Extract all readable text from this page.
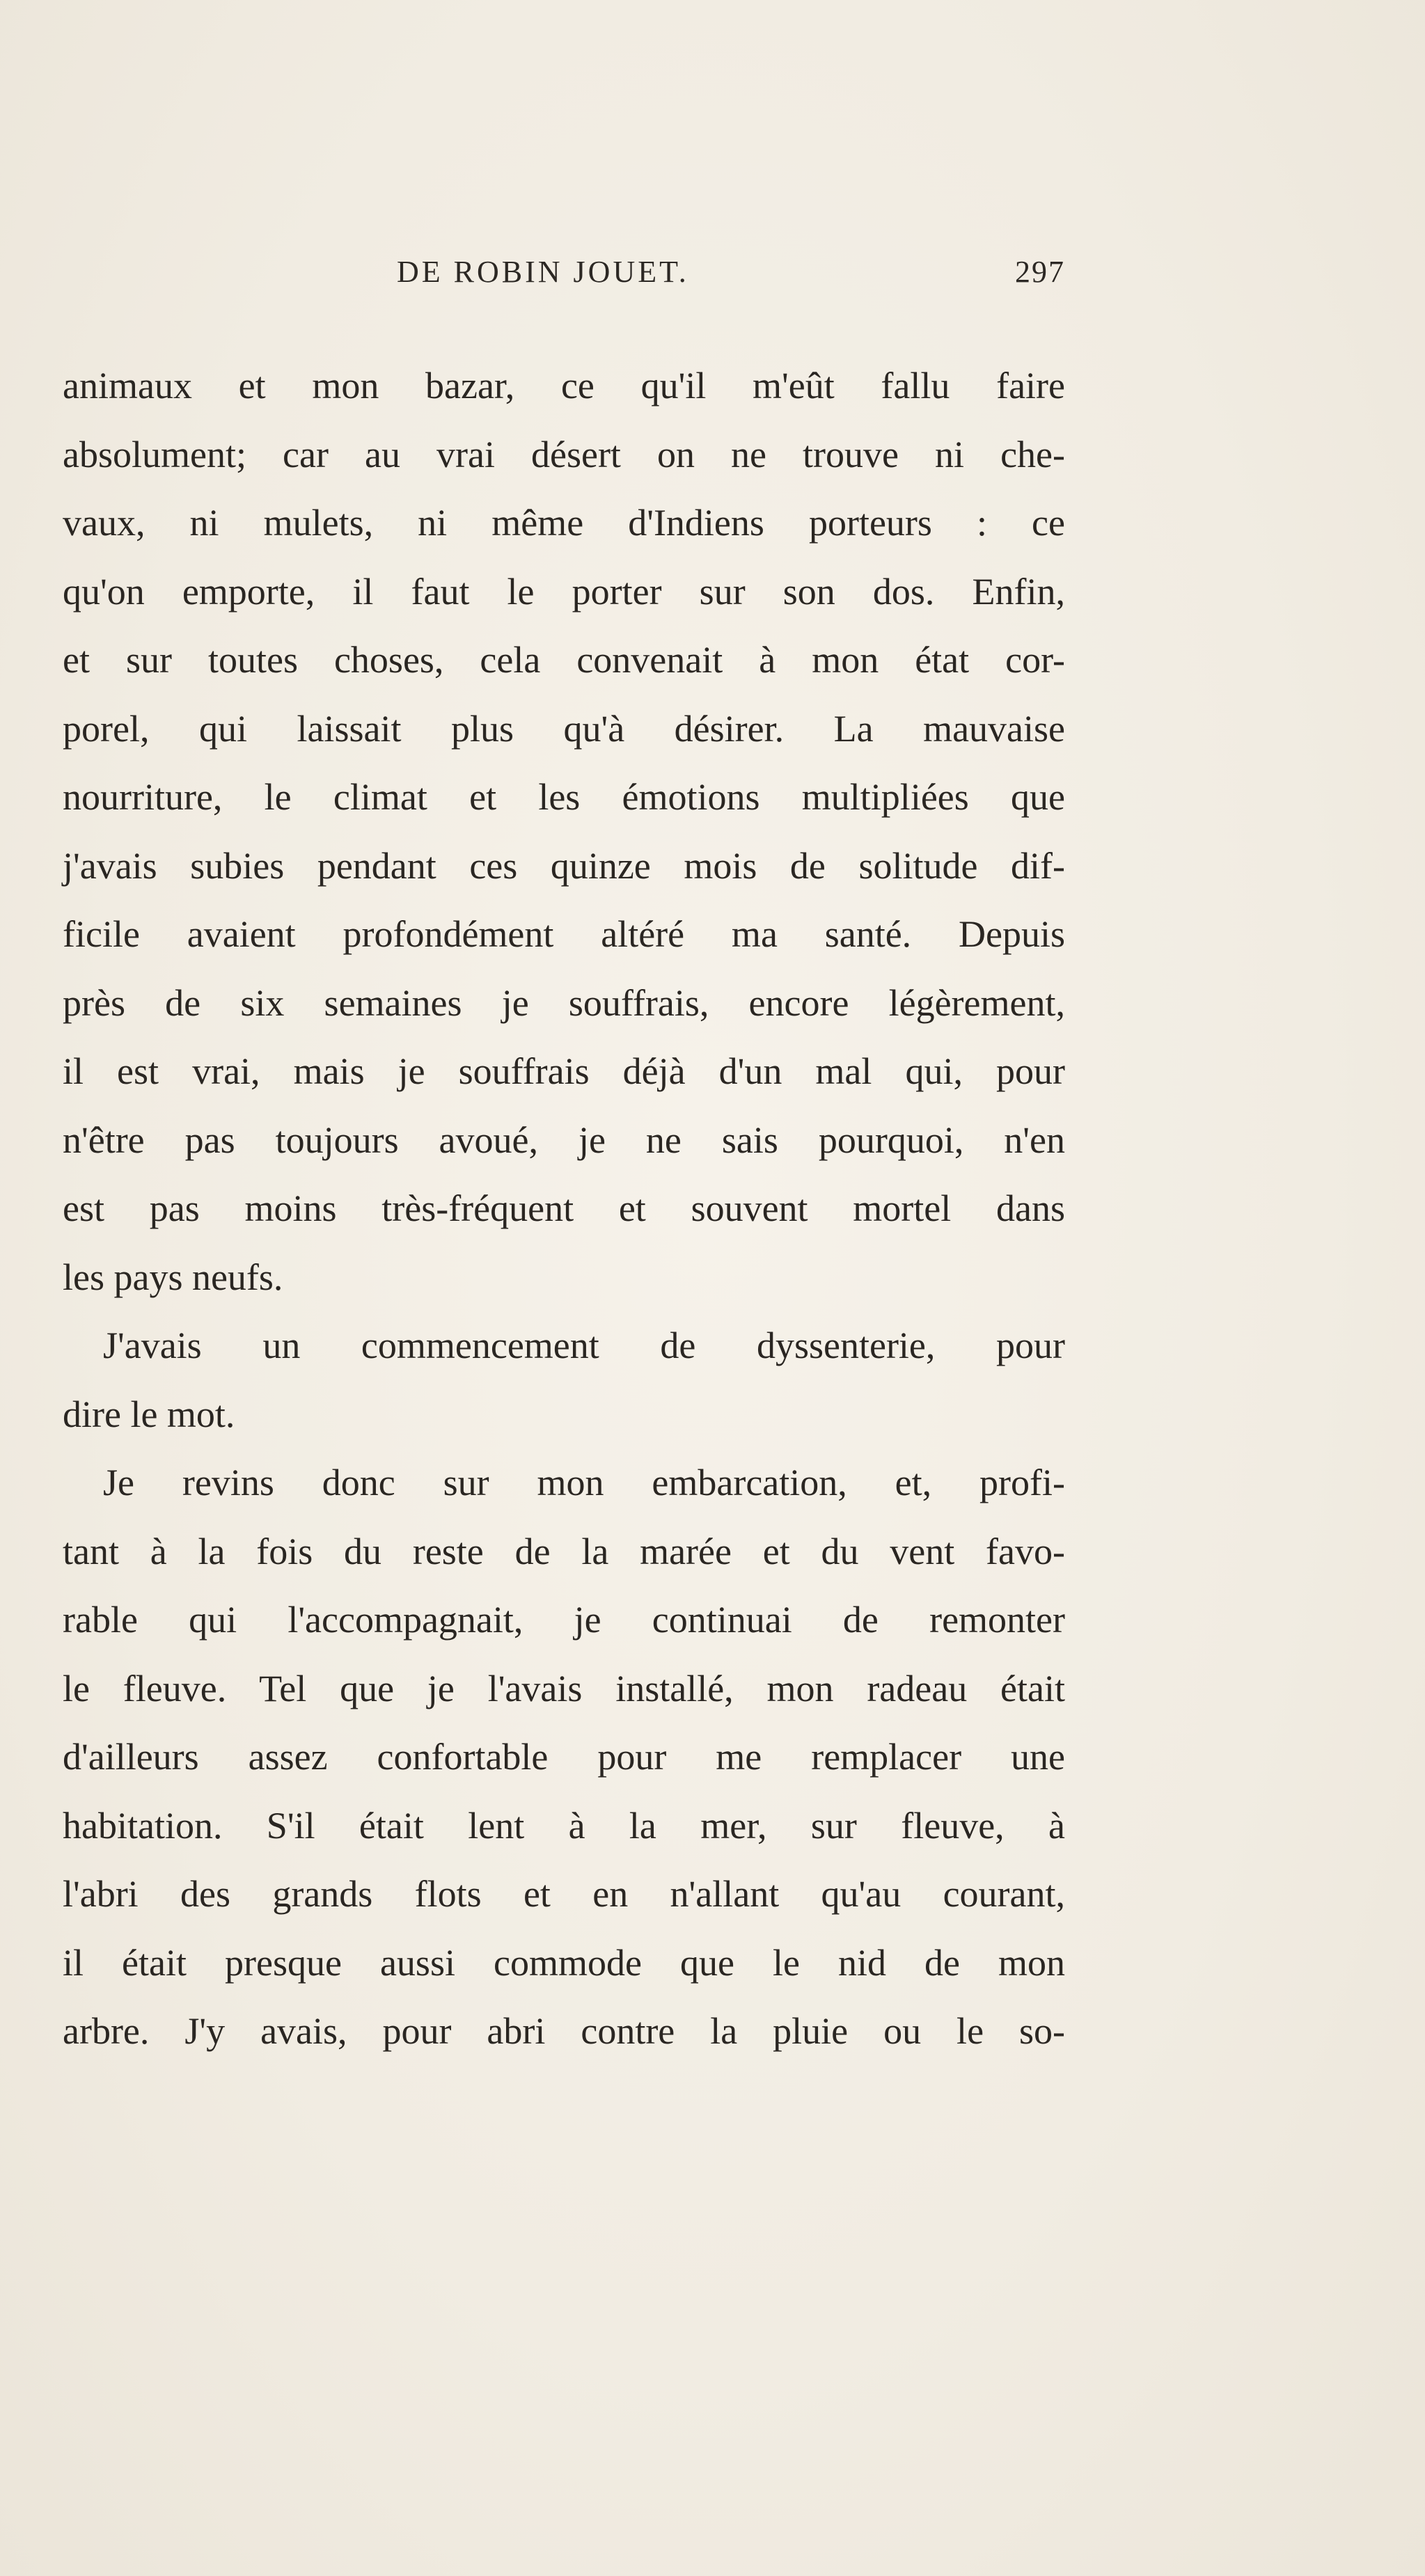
DE ROBIN JOUET.	297
animaux et mon bazar, ce qu'il m'eût fallu faire
absolument; car au vrai désert on ne trouve ni che-
vaux, ni mulets, ni même d'Indiens porteurs : ce
qu'on emporte, il faut le porter sur son dos. Enfin,
et sur toutes choses, cela convenait à mon état cor-
porel, qui laissait plus qu'à désirer. La mauvaise
nourriture, le climat et les émotions multipliées que
j'avais subies pendant ces quinze mois de solitude dif-
ficile avaient profondément altéré ma santé. Depuis
près de six semaines je souffrais, encore légèrement,
il est vrai, mais je souffrais déjà d'un mal qui, pour
n'être pas toujours avoué, je ne sais pourquoi, n'en
est pas moins très-fréquent et souvent mortel dans
les pays neufs.
J'avais un commencement de dyssenterie, pour
dire le mot.
Je revins donc sur mon embarcation, et, profi-
tant à la fois du reste de la marée et du vent favo-
rable qui l'accompagnait, je continuai de remonter
le fleuve. Tel que je l'avais installé, mon radeau était
d'ailleurs assez confortable pour me remplacer une
habitation. S'il était lent à la mer, sur fleuve, à
l'abri des grands flots et en n'allant qu'au courant,
il était presque aussi commode que le nid de mon
arbre. J'y avais, pour abri contre la pluie ou le so-
